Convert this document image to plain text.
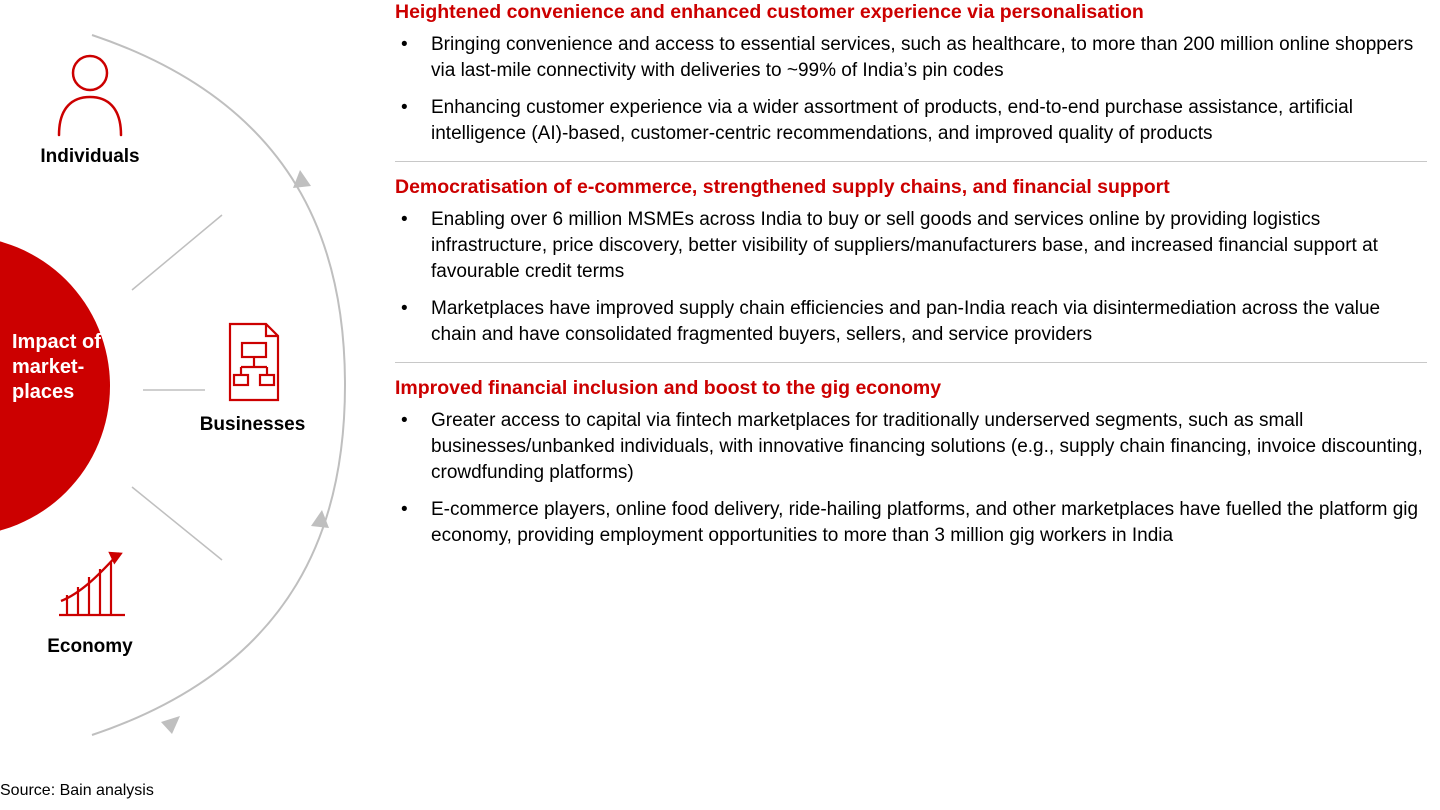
Impact of market-places
Individuals
Businesses
Economy
Heightened convenience and enhanced customer experience via personalisation
• Bringing convenience and access to essential services, such as healthcare, to more than 200 million online shoppers via last-mile connectivity with deliveries to ~99% of India’s pin codes
• Enhancing customer experience via a wider assortment of products, end-to-end purchase assistance, artificial intelligence (AI)-based, customer-centric recommendations, and improved quality of products
Democratisation of e-commerce, strengthened supply chains, and financial support
• Enabling over 6 million MSMEs across India to buy or sell goods and services online by providing logistics infrastructure, price discovery, better visibility of suppliers/manufacturers base, and increased financial support at favourable credit terms
• Marketplaces have improved supply chain efficiencies and pan-India reach via disintermediation across the value chain and have consolidated fragmented buyers, sellers, and service providers
Improved financial inclusion and boost to the gig economy
• Greater access to capital via fintech marketplaces for traditionally underserved segments, such as small businesses/unbanked individuals, with innovative financing solutions (e.g., supply chain financing, invoice discounting, crowdfunding platforms)
• E-commerce players, online food delivery, ride-hailing platforms, and other marketplaces have fuelled the platform gig economy, providing employment opportunities to more than 3 million gig workers in India
Source: Bain analysis
